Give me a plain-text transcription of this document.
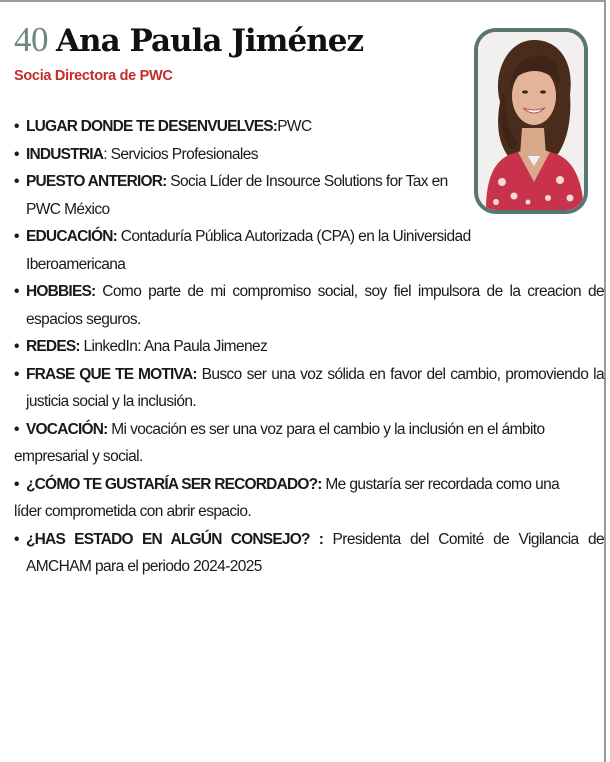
40 Ana Paula Jiménez
Socia Directora de PWC
• LUGAR DONDE TE DESENVUELVES:PWC
• INDUSTRIA: Servicios Profesionales
• PUESTO ANTERIOR: Socia Líder de Insource Solutions for Tax en PWC México
• EDUCACIÓN: Contaduría Pública Autorizada (CPA) en la Uiniversidad Iberoamericana
• HOBBIES: Como parte de mi compromiso social, soy fiel impulsora de la creacion de espacios seguros.
• REDES: LinkedIn: Ana Paula Jimenez
• FRASE QUE TE MOTIVA: Busco ser una voz sólida en favor del cambio, promoviendo la justicia social y la inclusión.
• VOCACIÓN: Mi vocación es ser una voz para el cambio y la inclusión en el ámbito empresarial y social.
• ¿CÓMO TE GUSTARÍA SER RECORDADO?: Me gustaría ser recordada como una líder comprometida con abrir espacio.
• ¿HAS ESTADO EN ALGÚN CONSEJO? : Presidenta del Comité de Vigilancia de AMCHAM para el periodo 2024-2025
